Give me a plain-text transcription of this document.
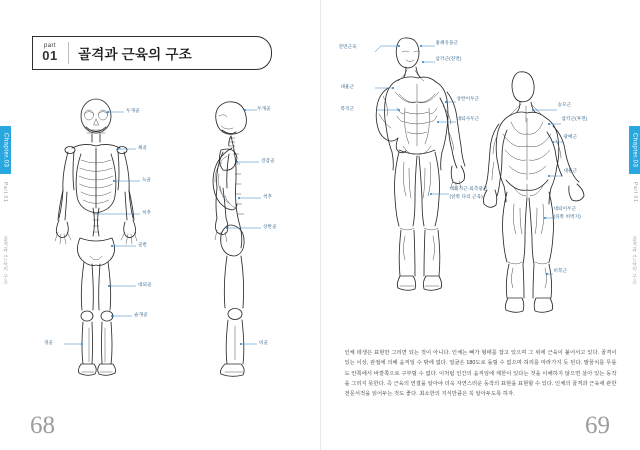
part
01	골격과 근육의 구조
Chapter.03
Part 01
골격과 근육의 구조
두개골
쇄골
늑골
척추
골반
대퇴골
슬개골
경골
두개골
견갑골
척추
상완골
비골
68
Chapter.03
Part 01
골격과 근육의 구조
전면근육
대흉근
복직근
흉쇄유돌근
삼각근(전면)
상완이두근
대퇴사두근
대퇴직근·외측광근
(앞쪽 다리 근육)
승모근
삼각근(후면)
광배근
대둔근
대퇴이두근
(뒤쪽 허벅지)
비복근

인체 데생은 표현만 그리면 되는 것이 아니다. 인체는 뼈가 형태를 잡고 있으며 그 위에 근육이 붙어서고 있다. 골격이 있는 이상, 관절에 의해 움직일 수 밖에 없다. 얼굴은 180도로 돌릴 수 없으며 허리를 마라가지 듯 된다. 팔꿈치를 무릎도 안쪽에서 바깥쪽으로 구부릴 수 없다. 이처럼 인간의 움직임에 제한이 있다는 것을 이해하지 않으면 살아 있는 동작을 그리지 못한다. 즉 근육의 연결을 알아야 더욱 자연스러운 동작의 표현을 표현할 수 있다. 인체의 골격과 근육에 관한 전문서적을 읽어두는 것도 좋다. 최소한의 지식만큼은 꼭 알아두도록 하자.

69
